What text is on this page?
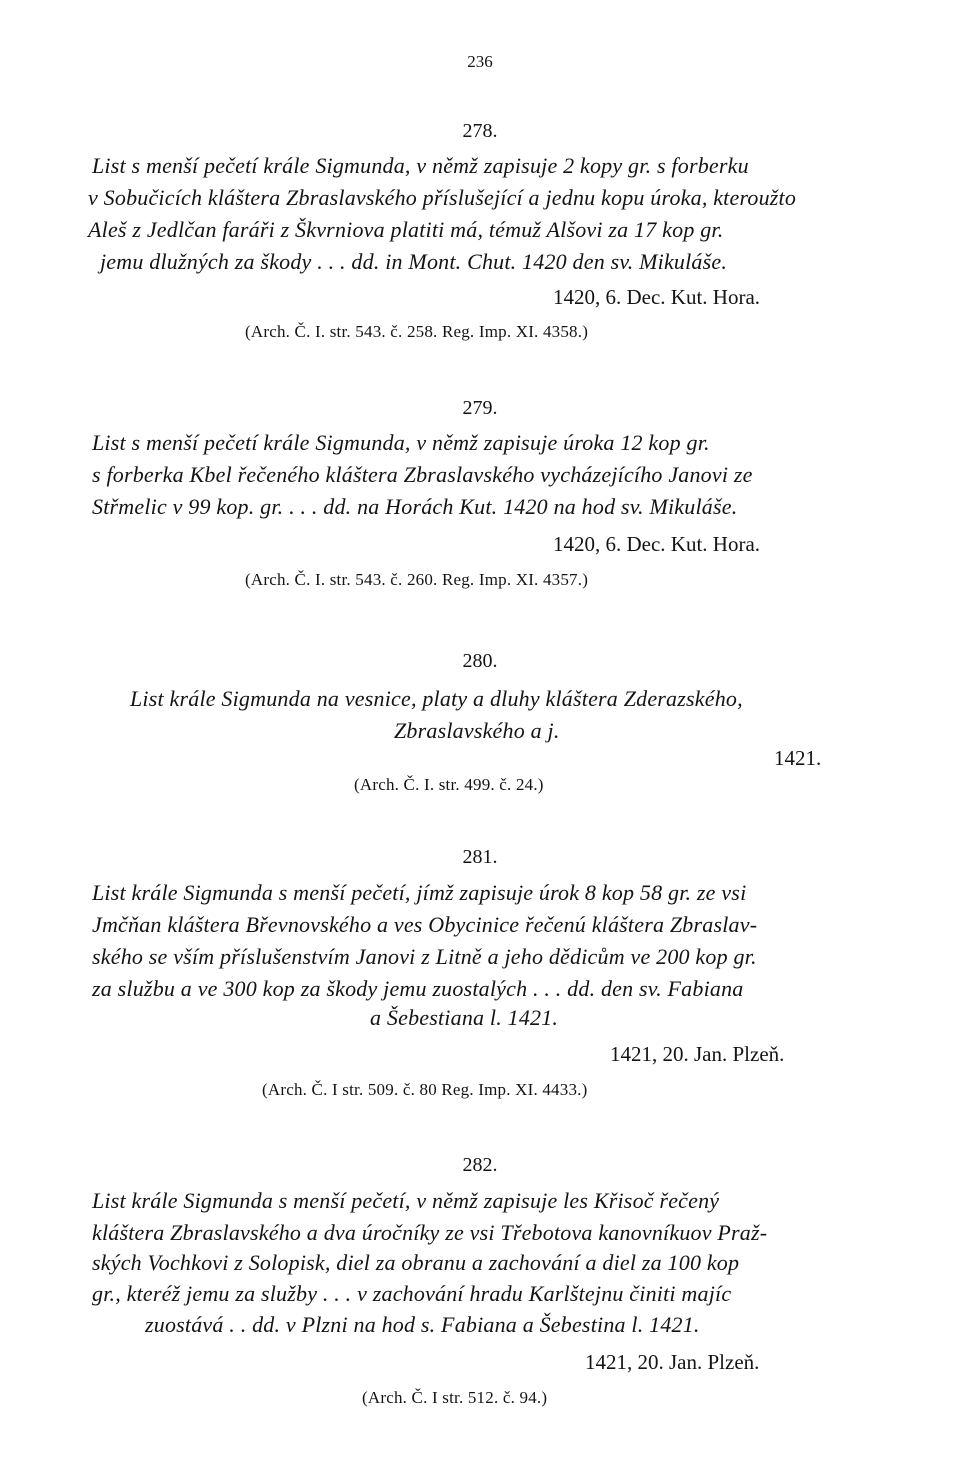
236
278.
List s menší pečetí krále Sigmunda, v němž zapisuje 2 kopy gr. s forberku
v Sobučicích kláštera Zbraslavského příslušející a jednu kopu úroka, kteroužto
Aleš z Jedlčan faráři z Škvrniova platiti má, témuž Alšovi za 17 kop gr.
jemu dlužných za škody . . . dd. in Mont. Chut. 1420 den sv. Mikuláše.
1420, 6. Dec. Kut. Hora.
(Arch. Č. I. str. 543. č. 258. Reg. Imp. XI. 4358.)
279.
List s menší pečetí krále Sigmunda, v němž zapisuje úroka 12 kop gr.
s forberka Kbel řečeného kláštera Zbraslavského vycházejícího Janovi ze
Střmelic v 99 kop. gr. . . . dd. na Horách Kut. 1420 na hod sv. Mikuláše.
1420, 6. Dec. Kut. Hora.
(Arch. Č. I. str. 543. č. 260. Reg. Imp. XI. 4357.)
280.
List krále Sigmunda na vesnice, platy a dluhy kláštera Zderazského,
Zbraslavského a j.
1421.
(Arch. Č. I. str. 499. č. 24.)
281.
List krále Sigmunda s menší pečetí, jímž zapisuje úrok 8 kop 58 gr. ze vsi
Jmčňan kláštera Břevnovského a ves Obycinice řečenú kláštera Zbraslav-
ského se vším příslušenstvím Janovi z Litně a jeho dědicům ve 200 kop gr.
za službu a ve 300 kop za škody jemu zuostalých . . . dd. den sv. Fabiana
a Šebestiana l. 1421.
1421, 20. Jan. Plzeň.
(Arch. Č. I str. 509. č. 80 Reg. Imp. XI. 4433.)
282.
List krále Sigmunda s menší pečetí, v němž zapisuje les Křisoč řečený
kláštera Zbraslavského a dva úročníky ze vsi Třebotova kanovníkuov Praž-
ských Vochkovi z Solopisk, diel za obranu a zachování a diel za 100 kop
gr., kteréž jemu za služby . . . v zachování hradu Karlštejnu činiti majíc
zuostává . . dd. v Plzni na hod s. Fabiana a Šebestina l. 1421.
1421, 20. Jan. Plzeň.
(Arch. Č. I str. 512. č. 94.)
